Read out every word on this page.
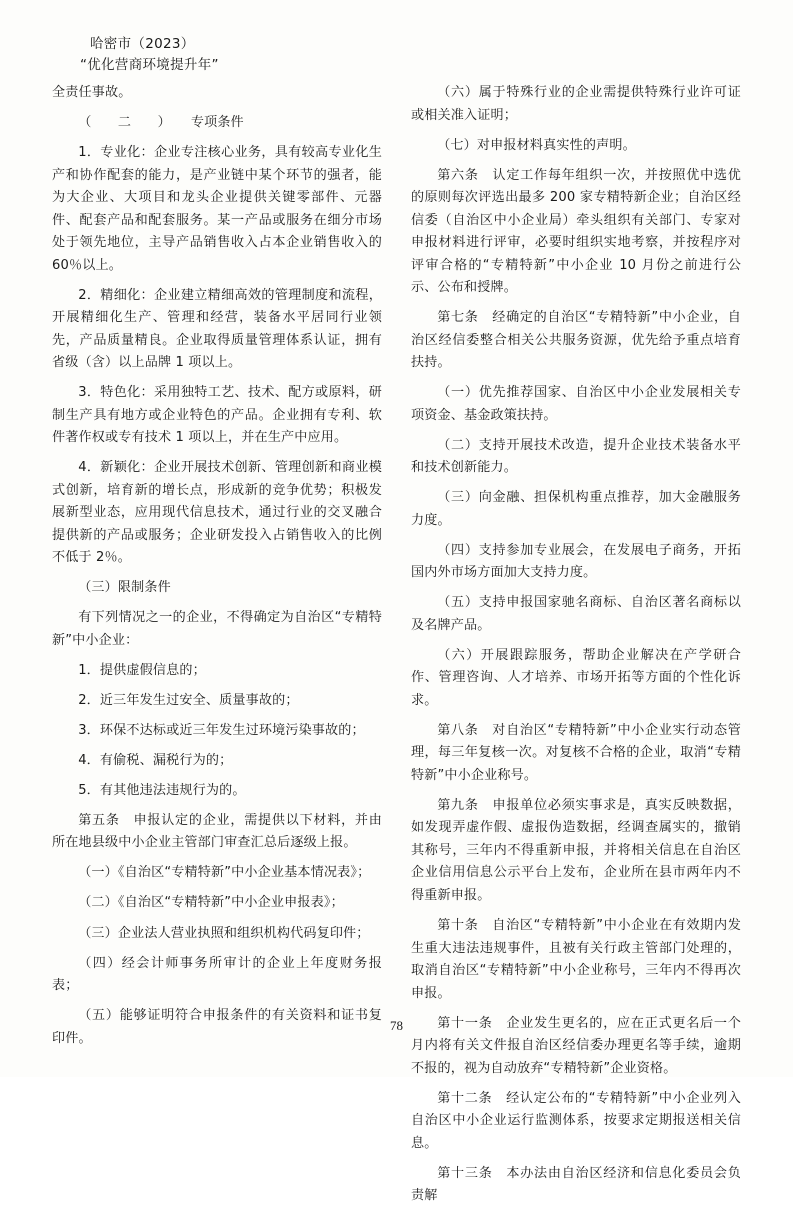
哈密市（2023）
“优化营商环境提升年”

全责任事故。

（　　二　　）　　专项条件

1．专业化：企业专注核心业务，具有较高专业化生产和协作配套的能力，是产业链中某个环节的强者，能为大企业、大项目和龙头企业提供关键零部件、元器件、配套产品和配套服务。某一产品或服务在细分市场处于领先地位，主导产品销售收入占本企业销售收入的 60％以上。

2．精细化：企业建立精细高效的管理制度和流程，开展精细化生产、管理和经营，装备水平居同行业领先，产品质量精良。企业取得质量管理体系认证，拥有省级（含）以上品牌 1 项以上。

3．特色化：采用独特工艺、技术、配方或原料，研制生产具有地方或企业特色的产品。企业拥有专利、软件著作权或专有技术 1 项以上，并在生产中应用。

4．新颖化：企业开展技术创新、管理创新和商业模式创新，培育新的增长点，形成新的竞争优势；积极发展新型业态，应用现代信息技术，通过行业的交叉融合提供新的产品或服务；企业研发投入占销售收入的比例不低于 2％。

（三）限制条件

有下列情况之一的企业，不得确定为自治区“专精特新”中小企业：

1．提供虚假信息的；

2．近三年发生过安全、质量事故的；

3．环保不达标或近三年发生过环境污染事故的；

4．有偷税、漏税行为的；

5．有其他违法违规行为的。

第五条　申报认定的企业，需提供以下材料，并由所在地县级中小企业主管部门审查汇总后逐级上报。

（一）《自治区“专精特新”中小企业基本情况表》；

（二）《自治区“专精特新”中小企业申报表》；

（三）企业法人营业执照和组织机构代码复印件；

（四）经会计师事务所审计的企业上年度财务报表；

（五）能够证明符合申报条件的有关资料和证书复印件。

（六）属于特殊行业的企业需提供特殊行业许可证或相关准入证明；

（七）对申报材料真实性的声明。

第六条　认定工作每年组织一次，并按照优中选优的原则每次评选出最多 200 家专精特新企业；自治区经信委（自治区中小企业局）牵头组织有关部门、专家对申报材料进行评审，必要时组织实地考察，并按程序对评审合格的“专精特新”中小企业 10 月份之前进行公示、公布和授牌。

第七条　经确定的自治区“专精特新”中小企业，自治区经信委整合相关公共服务资源，优先给予重点培育扶持。

（一）优先推荐国家、自治区中小企业发展相关专项资金、基金政策扶持。

（二）支持开展技术改造，提升企业技术装备水平和技术创新能力。

（三）向金融、担保机构重点推荐，加大金融服务力度。

（四）支持参加专业展会，在发展电子商务，开拓国内外市场方面加大支持力度。

（五）支持申报国家驰名商标、自治区著名商标以及名牌产品。

（六）开展跟踪服务，帮助企业解决在产学研合作、管理咨询、人才培养、市场开拓等方面的个性化诉求。

第八条　对自治区“专精特新”中小企业实行动态管理，每三年复核一次。对复核不合格的企业，取消“专精特新”中小企业称号。

第九条　申报单位必须实事求是，真实反映数据，如发现弄虚作假、虚报伪造数据，经调查属实的，撤销其称号，三年内不得重新申报，并将相关信息在自治区企业信用信息公示平台上发布，企业所在县市两年内不得重新申报。

第十条　自治区“专精特新”中小企业在有效期内发生重大违法违规事件，且被有关行政主管部门处理的，取消自治区“专精特新”中小企业称号，三年内不得再次申报。

第十一条　企业发生更名的，应在正式更名后一个月内将有关文件报自治区经信委办理更名等手续，逾期不报的，视为自动放弃“专精特新”企业资格。

第十二条　经认定公布的“专精特新”中小企业列入自治区中小企业运行监测体系，按要求定期报送相关信息。

第十三条　本办法由自治区经济和信息化委员会负责解

78
